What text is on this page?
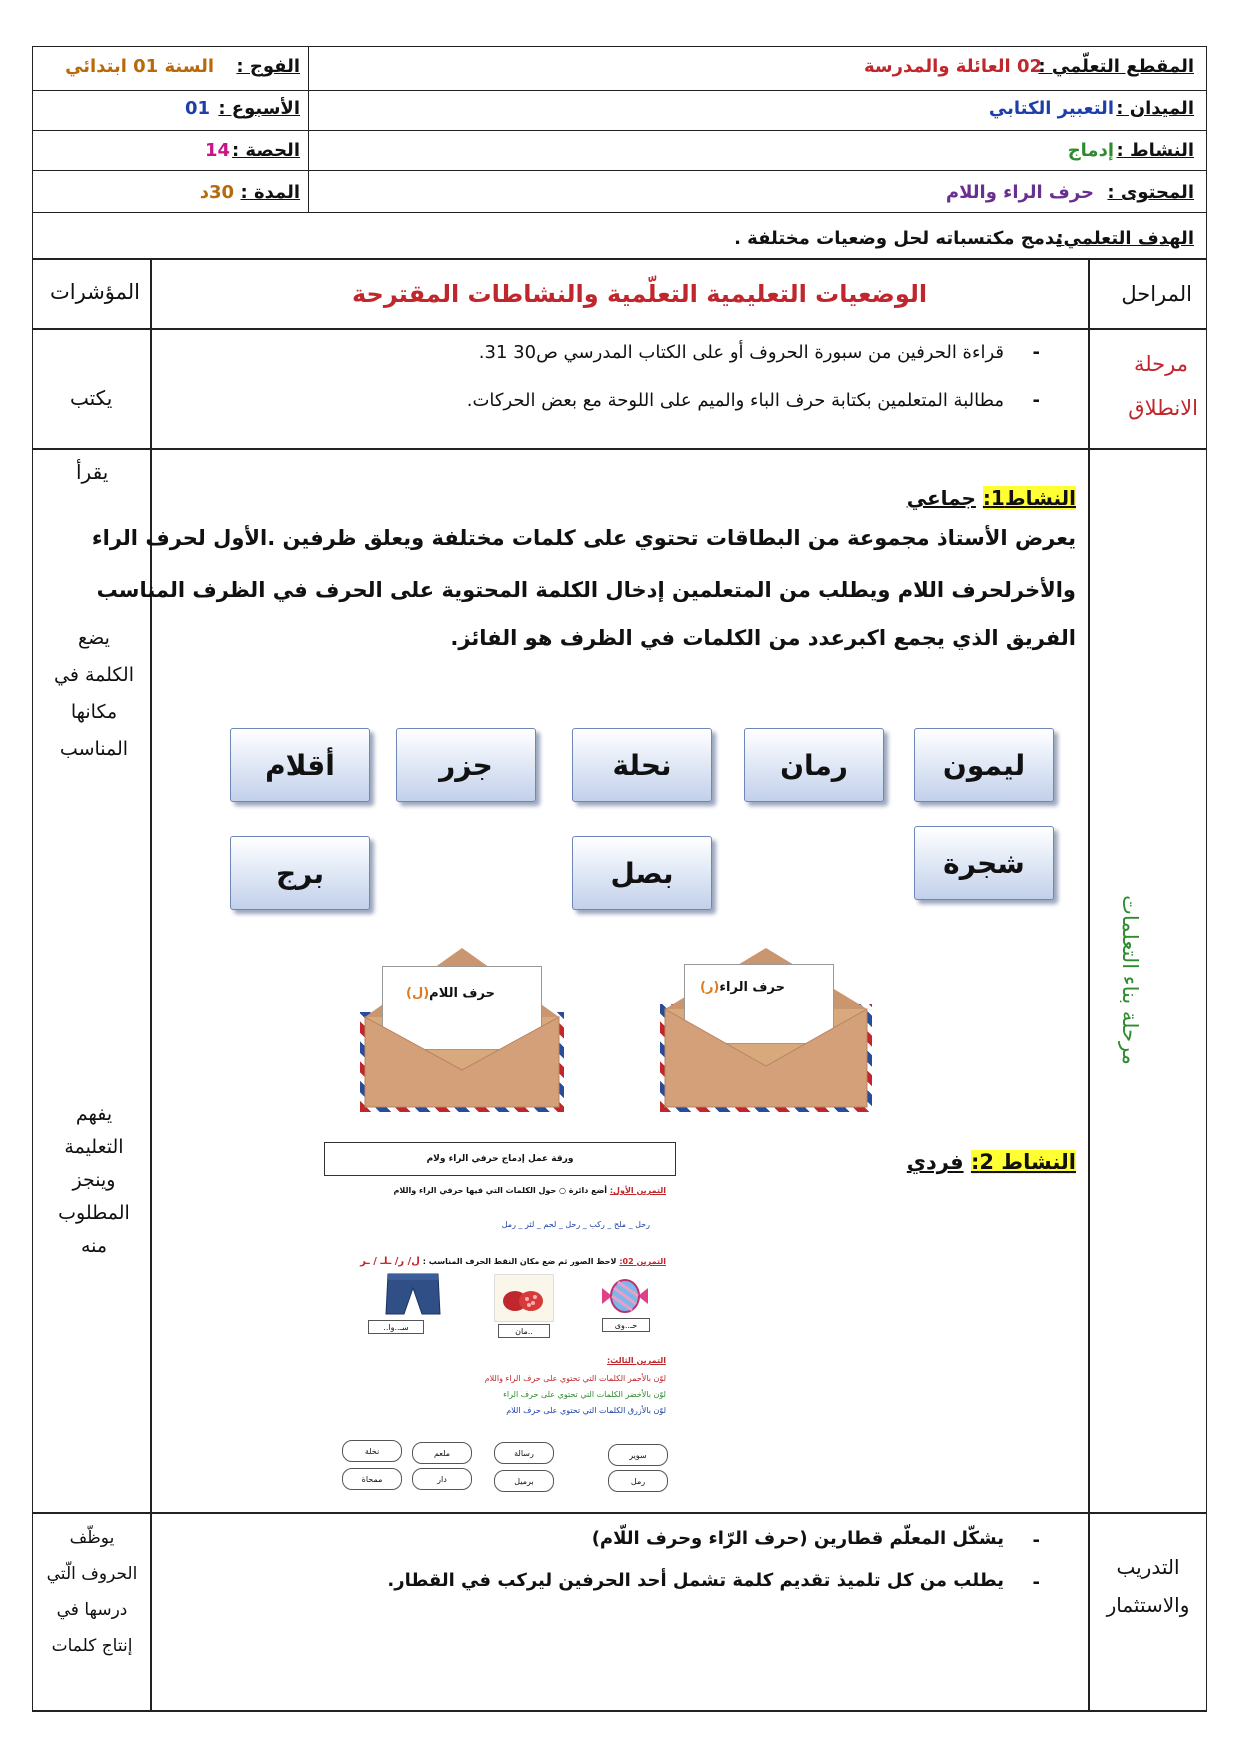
المقطع التعلّمي :
02 العائلة والمدرسة
الفوج :
السنة 01 ابتدائي
الميدان :
التعبير الكتابي
الأسبوع :
01
النشاط :
إدماج
الحصة :
14
المحتوى :
حرف الراء واللام
المدة :
30د
الهدف التعلمي:
يدمج مكتسباته لحل وضعيات مختلفة .
المراحل
الوضعيات التعليمية التعلّمية والنشاطات المقترحة
المؤشرات
مرحلة
الانطلاق
-
قراءة الحرفين من سبورة الحروف أو على الكتاب المدرسي ص30 31.
-
مطالبة المتعلمين بكتابة حرف الباء والميم على اللوحة مع بعض الحركات.
يكتب
مرحلة بناء التعلمات
يقرأ
يضع
الكلمة في
مكانها
المناسب
يفهم
التعليمة
وينجز
المطلوب
منه
النشاط1: جماعي
يعرض الأستاذ مجموعة من البطاقات تحتوي على كلمات مختلفة ويعلق ظرفين .الأول لحرف الراء
والأخرلحرف اللام ويطلب من المتعلمين إدخال الكلمة المحتوية على الحرف في الظرف المناسب
الفريق الذي يجمع اكبرعدد من الكلمات في الظرف هو الفائز.
ليمون
رمان
نحلة
جزر
أقلام
شجرة
بصل
برج
حرف الراء(ر)
حرف اللام(ل)
النشاط 2: فردي
ورقة عمل إدماج حرفي الراء ولام
التمرين الأول: أضع دائرة ○ حول الكلمات التي فيها حرفي الراء واللام
رحل _ ملح _ ركب _ رحل _ لحم _ لثر _ رمل
التمرين 02: لاحظ الصور ثم ضع مكان النقط الحرف المناسب : ل/ ر/ ـلـ / ـر
حـ..وى
..مان
سـ..وا..
التمرين الثالث:
لوّن بالأحمر الكلمات التي تحتوي على حرف الراء واللام
لوّن بالأخضر الكلمات التي تحتوي على حرف الراء
لوّن بالأزرق الكلمات التي تحتوي على حرف اللام
سوير
رسالة
ملعم
نخلة
رمل
برميل
دار
ممحاة
التدريب
والاستثمار
-
يشكّل المعلّم قطارين (حرف الرّاء وحرف اللّام)
-
يطلب من كل تلميذ تقديم كلمة تشمل أحد الحرفين ليركب في القطار.
يوظّف
الحروف الّتي
درسها في
إنتاج كلمات
